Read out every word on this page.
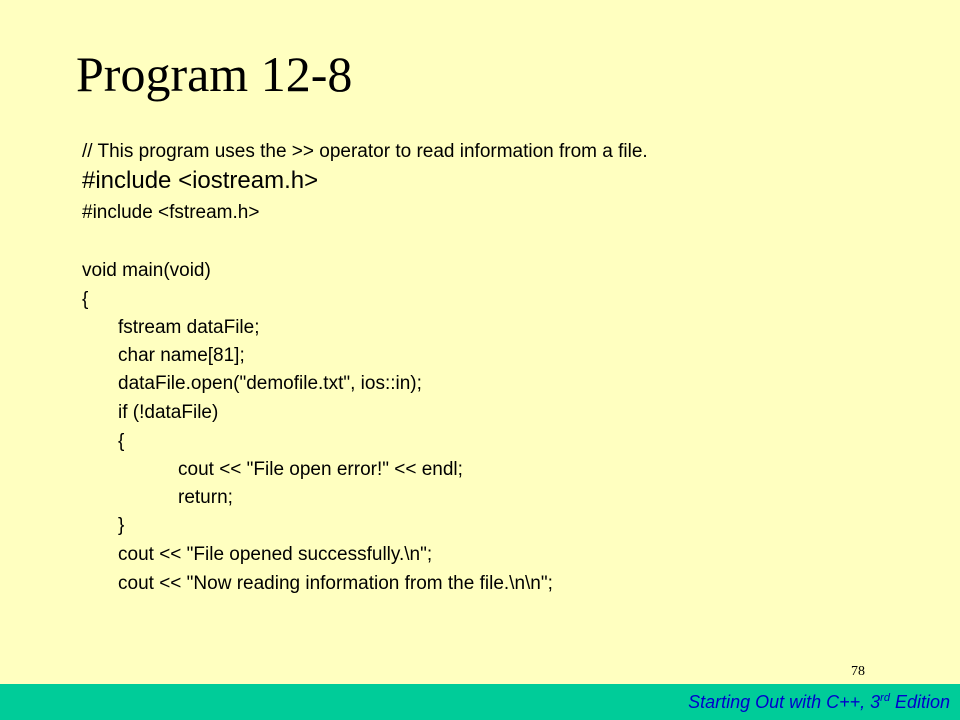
Program 12-8
// This program uses the >> operator to read information from a file.
#include <iostream.h>
#include <fstream.h>
void main(void)
{
fstream dataFile;
char name[81];
dataFile.open("demofile.txt", ios::in);
if (!dataFile)
{
cout << "File open error!" << endl;
return;
}
cout << "File opened successfully.\n";
cout << "Now reading information from the file.\n\n";
78
Starting Out with C++, 3rd Edition
